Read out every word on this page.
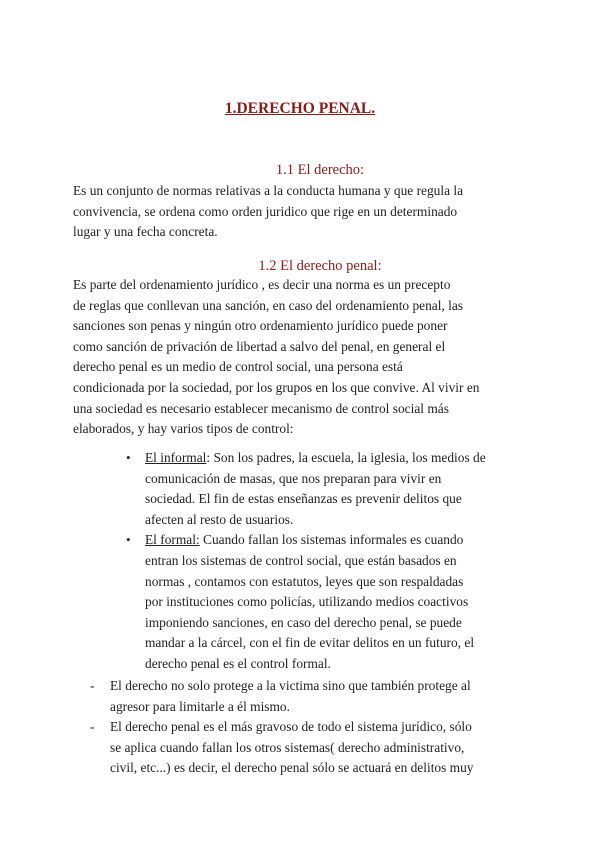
1.DERECHO PENAL.
1.1 El derecho:

Es un conjunto de normas relativas a la conducta humana y que regula la
convivencia, se ordena como orden juridico que rige en un determinado
lugar y una fecha concreta.

1.2 El derecho penal:

Es parte del ordenamiento jurídico , es decir una norma es un precepto
de reglas que conllevan una sanción, en caso del ordenamiento penal, las
sanciones son penas y ningún otro ordenamiento jurídico puede poner
como sanción de privación de libertad a salvo del penal, en general el
derecho penal es un medio de control social, una persona está
condicionada por la sociedad, por los grupos en los que convive. Al vivir en
una sociedad es necesario establecer mecanismo de control social más
elaborados, y hay varios tipos de control:

• El informal: Son los padres, la escuela, la iglesia, los medios de
comunicación de masas, que nos preparan para vivir en
sociedad. El fin de estas enseñanzas es prevenir delitos que
afecten al resto de usuarios.
• El formal: Cuando fallan los sistemas informales es cuando
entran los sistemas de control social, que están basados en
normas , contamos con estatutos, leyes que son respaldadas
por instituciones como policías, utilizando medios coactivos
imponiendo sanciones, en caso del derecho penal, se puede
mandar a la cárcel, con el fin de evitar delitos en un futuro, el
derecho penal es el control formal.
- El derecho no solo protege a la victima sino que también protege al
agresor para limitarle a él mismo.
- El derecho penal es el más gravoso de todo el sistema jurídico, sólo
se aplica cuando fallan los otros sistemas( derecho administrativo,
civil, etc...) es decir, el derecho penal sólo se actuará en delitos muy
